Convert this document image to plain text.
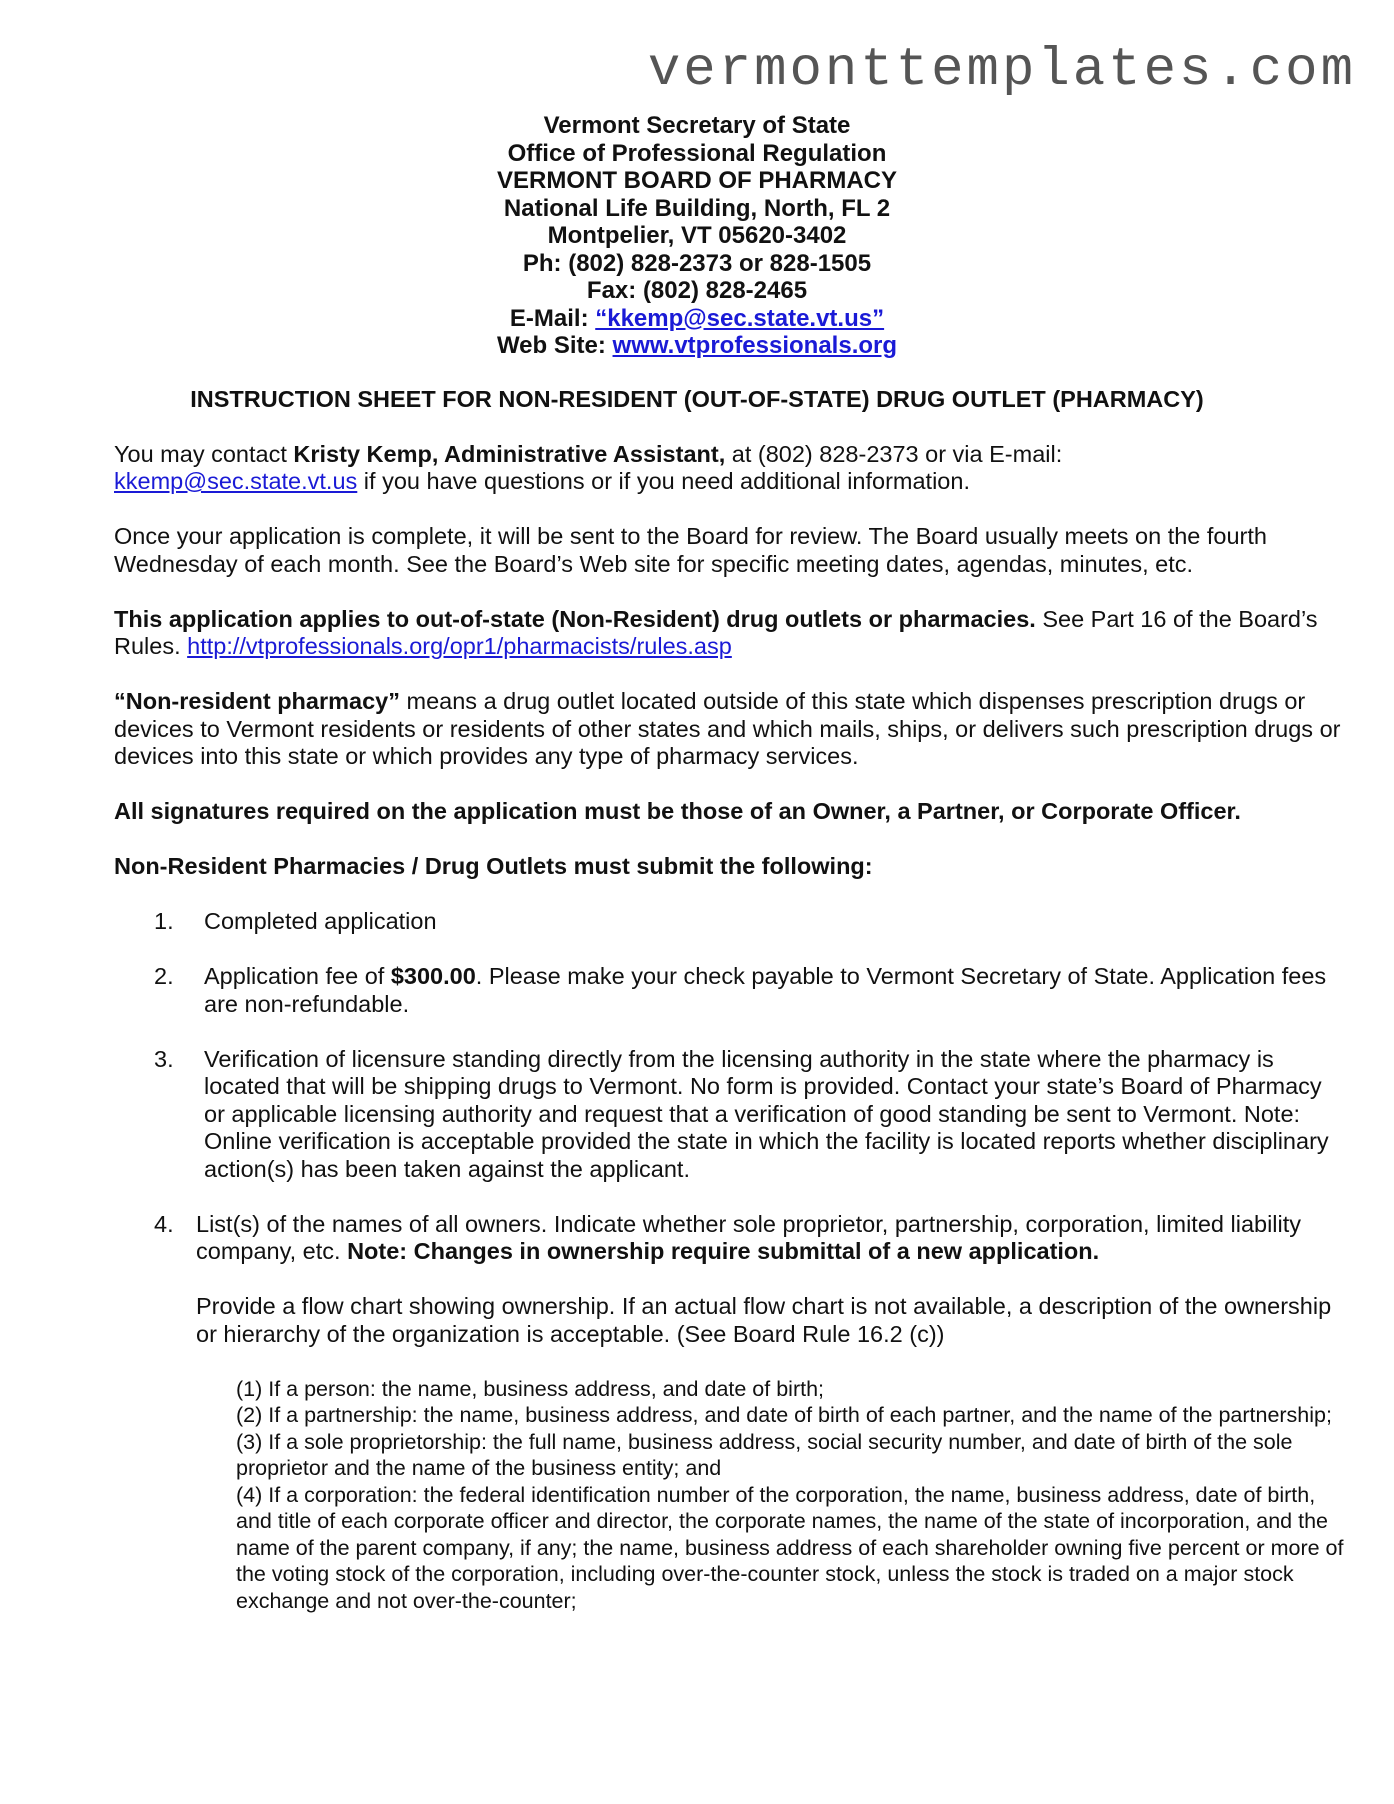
vermonttemplates.com
Vermont Secretary of State
Office of Professional Regulation
VERMONT BOARD OF PHARMACY
National Life Building, North, FL 2
Montpelier, VT 05620-3402
Ph: (802) 828-2373 or 828-1505
Fax: (802) 828-2465
E-Mail: “kkemp@sec.state.vt.us”
Web Site: www.vtprofessionals.org
INSTRUCTION SHEET FOR NON-RESIDENT (OUT-OF-STATE) DRUG OUTLET (PHARMACY)

You may contact Kristy Kemp, Administrative Assistant, at (802) 828-2373 or via E-mail:
kkemp@sec.state.vt.us if you have questions or if you need additional information.

Once your application is complete, it will be sent to the Board for review. The Board usually meets on the fourth Wednesday of each month. See the Board’s Web site for specific meeting dates, agendas, minutes, etc.

This application applies to out-of-state (Non-Resident) drug outlets or pharmacies. See Part 16 of the Board’s Rules. http://vtprofessionals.org/opr1/pharmacists/rules.asp

“Non-resident pharmacy” means a drug outlet located outside of this state which dispenses prescription drugs or devices to Vermont residents or residents of other states and which mails, ships, or delivers such prescription drugs or devices into this state or which provides any type of pharmacy services.

All signatures required on the application must be those of an Owner, a Partner, or Corporate Officer.

Non-Resident Pharmacies / Drug Outlets must submit the following:

1. Completed application
2. Application fee of $300.00. Please make your check payable to Vermont Secretary of State. Application fees are non-refundable.
3. Verification of licensure standing directly from the licensing authority in the state where the pharmacy is located that will be shipping drugs to Vermont. No form is provided. Contact your state’s Board of Pharmacy or applicable licensing authority and request that a verification of good standing be sent to Vermont. Note: Online verification is acceptable provided the state in which the facility is located reports whether disciplinary action(s) has been taken against the applicant.
4. List(s) of the names of all owners. Indicate whether sole proprietor, partnership, corporation, limited liability company, etc. Note: Changes in ownership require submittal of a new application.
Provide a flow chart showing ownership. If an actual flow chart is not available, a description of the ownership or hierarchy of the organization is acceptable. (See Board Rule 16.2 (c))
(1) If a person: the name, business address, and date of birth;
(2) If a partnership: the name, business address, and date of birth of each partner, and the name of the partnership;
(3) If a sole proprietorship: the full name, business address, social security number, and date of birth of the sole proprietor and the name of the business entity; and
(4) If a corporation: the federal identification number of the corporation, the name, business address, date of birth, and title of each corporate officer and director, the corporate names, the name of the state of incorporation, and the name of the parent company, if any; the name, business address of each shareholder owning five percent or more of the voting stock of the corporation, including over-the-counter stock, unless the stock is traded on a major stock exchange and not over-the-counter;
